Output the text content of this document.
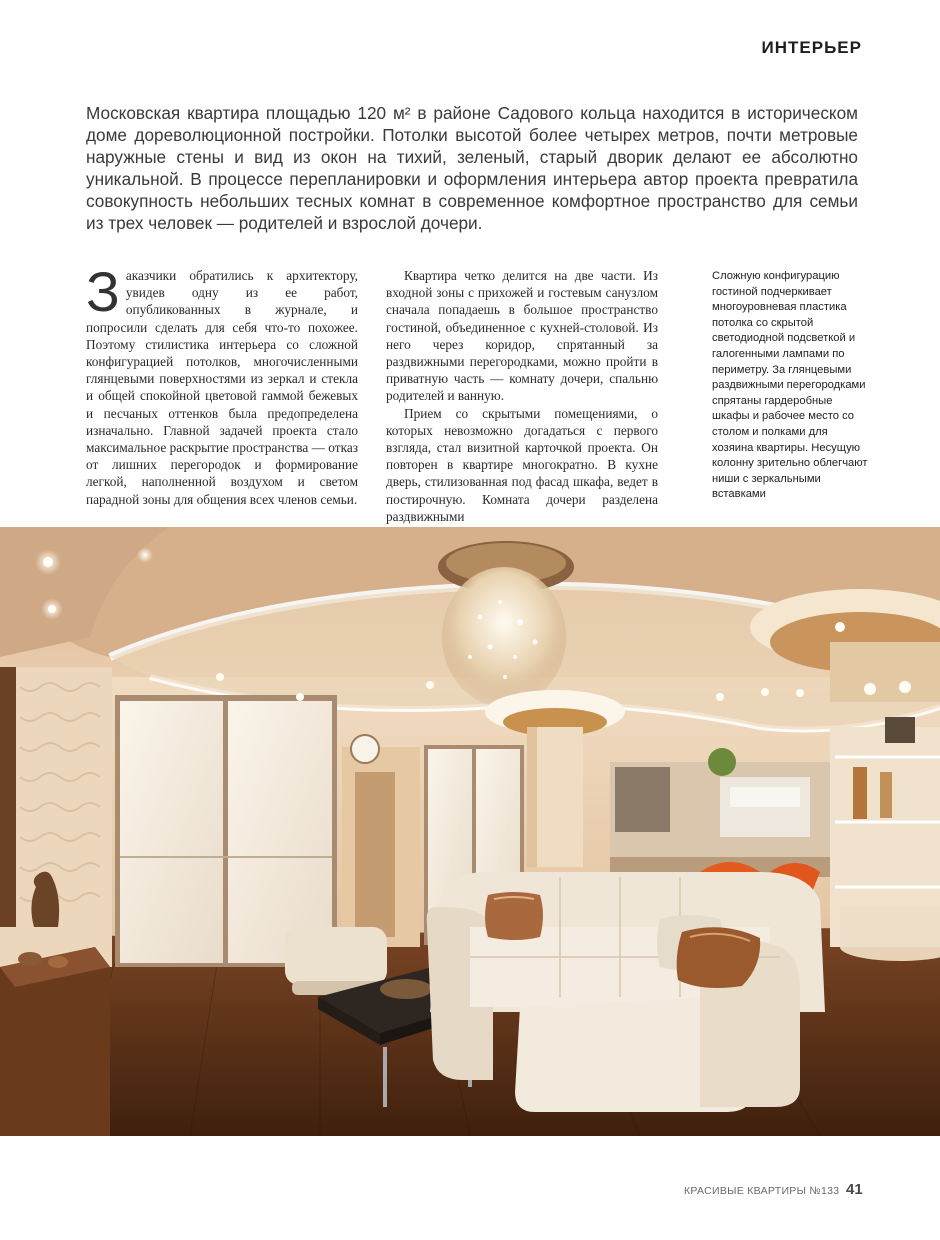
ИНТЕРЬЕР

Московская квартира площадью 120 м² в районе Садового кольца находится в историческом доме дореволюционной постройки. Потолки высотой более четырех метров, почти метровые наружные стены и вид из окон на тихий, зеленый, старый дворик делают ее абсолютно уникальной. В процессе перепланировки и оформления интерьера автор проекта превратила совокупность небольших тесных комнат в современное комфортное пространство для семьи из трех человек — родителей и взрослой дочери.

Заказчики обратились к архитектору, увидев одну из ее работ, опубликованных в журнале, и попросили сделать для себя что-то похожее. Поэтому стилистика интерьера со сложной конфигурацией потолков, многочисленными глянцевыми поверхностями из зеркал и стекла и общей спокойной цветовой гаммой бежевых и песчаных оттенков была предопределена изначально. Главной задачей проекта стало максимальное раскрытие пространства — отказ от лишних перегородок и формирование легкой, наполненной воздухом и светом парадной зоны для общения всех членов семьи.

Квартира четко делится на две части. Из входной зоны с прихожей и гостевым санузлом сначала попадаешь в большое пространство гостиной, объединенное с кухней-столовой. Из него через коридор, спрятанный за раздвижными перегородками, можно пройти в приватную часть — комнату дочери, спальню родителей и ванную.

Прием со скрытыми помещениями, о которых невозможно догадаться с первого взгляда, стал визитной карточкой проекта. Он повторен в квартире многократно. В кухне дверь, стилизованная под фасад шкафа, ведет в постирочную. Комната дочери разделена раздвижными

Сложную конфигурацию гостиной подчеркивает многоуровневая пластика потолка со скрытой светодиодной подсветкой и галогенными лампами по периметру. За глянцевыми раздвижными перегородками спрятаны гардеробные шкафы и рабочее место со столом и полками для хозяина квартиры. Несущую колонну зрительно облегчают ниши с зеркальными вставками

КРАСИВЫЕ КВАРТИРЫ №133 41
